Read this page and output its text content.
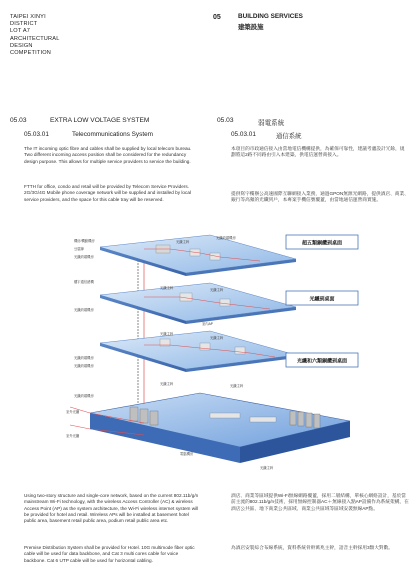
TAIPEI XINYI
DISTRICT
LOT A7
ARCHITECTURAL
DESIGN
COMPETITION
05	BUILDING SERVICES
建築設施
05.03	EXTRA LOW VOLTAGE SYSTEM
05.03.01	Telecommunications System
The IT incoming optic fibre and cables shall be supplied by local telecom bureau. Two different incoming access position shall be considered for the redundancy design purpose. This allows for multiple service providers to service the building.
FTTH for office, condo and retail will be provided by Telecom Service Providers. 2G/3G/4G Mobile phone coverage network will be supplied and installed by local service providers, and the space for this cable tray will be reserved.
05.03	弱電系統
05.03.01	通信系統
本項目的市政通信接入由當地電信機構提供，為確保可靠性，建議考慮設計冗餘，規劃將這2路不同路由引入本建築，供電信運營商接入。
提供寫字樓辦公高速國際互聯網接入業務，通過GPON無源光網路，提供酒店、商業、銀行等高頻的光纖到戶，本專案手機信號覆蓋，由當地通信運營商實施。
機房/機動機房
豆腐線
光纖終端機房
樓宇通信總機
光纖終端機房
光纖終端機房
光纖終端機房
光纖終端機房
室外光纖
室外光纖
光纖終端機房
室內AP
電腦機房
超五類銅纜到桌面
光纖到桌面
光纖和六類銅纜到桌面
光纖主幹
光纖主幹
光纖主幹
光纖主幹
光纖主幹
光纖主幹
光纖主幹
光纖主幹
Using two-story structure and single-core network, based on the current 802.11b/g/n mainstream Wi-Fi technology, with the wireless Access Controller (AC) & wireless Access Point (AP) as the system architecture, the Wi-Fi wireless internet system will be provided for hotel and retail. Wireless APs will be installed at basement hotel public area, basement retail public area, podium retail public area etc.
Premise Distribution System shall be provided for Hotel. 10G multimode fiber optic cable will be used for data backbone, and Cat 3 multi cores cable for voice backbone. Cat 6 UTP cable will be used for horizontal cabling.
酒店、商業等區域提供Wi-Fi無線網路覆蓋，採用二層結構，單核心網絡設計，基於當前主流的802.11b/g/n技術，採用無線控制器AC＋無線接入點AP設備作為系統架構，在酒店公共區、地下商業公共區域、商業公共區域等區域安裝無線AP點。
為酒店安裝綜合布線系統，資料系統骨幹萬兆主幹，語音主幹採用3類大對數。
